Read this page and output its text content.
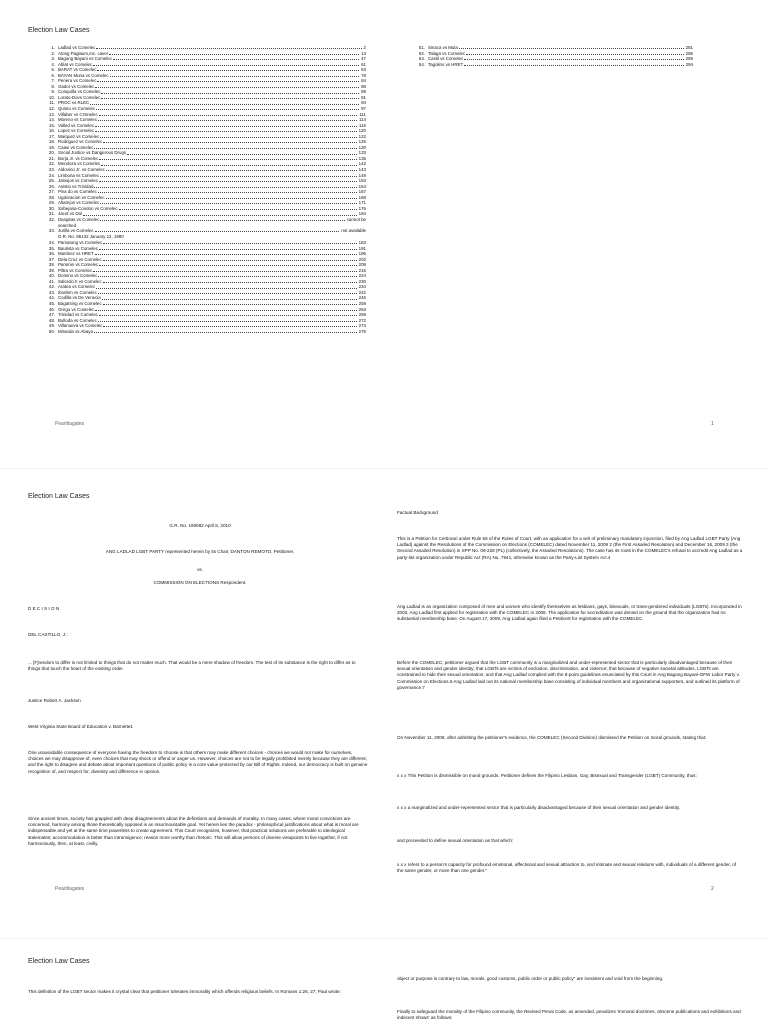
Election Law Cases
1. Ladlad vs Comelec	2
2. Atong Paglaum,Inc. caver	13
3. Bagong Bayani vs Comelec	47
4. Ablat vs Comelec	61
5. BARAT vs Comelec	63
6. BAYAN Muna vs Comelec	78
7. Penera vs Comelec	84
8. Gador vs Comelec	88
9. Conquilla vs Comelec	89
10. Lorato-Dovs Comelec	91
11. PROC vs RLEC	94
12. Quinto vs Comelec	97
13. Villaber vs COmelec	111
14. Moreno vs Comelec	114
15. Valled vs Comelec	116
16. Lopez vs Comelec	120
17. Marquez vs Comelec	122
18. Rodriguez vs Comelec	125
19. Caasi vs Comelec	130
20. Social Justice vs Dangerous Drugs	133
21. Borja Jr. vs Comelec	135
22. Mendoza vs Comelec	142
23. Aldovino Jr. vs Comelec	143
24. Limbona vs Comelec	149
25. Jalosjos vs Comelec	153
26. Asistio vs Trinidad	154
27. Piva do vs Comelec	157
28. Ugdoracion vs Comelec	168
29. Altarejos vs Comelec	171
30. Sobejana-Condon vs Comelec	176
31. Jacot vs Dal	184
32. Dangkas vs Comelec	cannot be
searched
33. Jurilla vs Comelec	not available
G.R. No. 85132 January 12, 1990
34. Pamatong vs Comelec	183
35. Bautista vs Comelec	191
36. Martinez vs HRET	195
37. Dela Cruz vs Comelec	202
38. Pammin vs Comelec	208
39. Piltra vs Comelec	216
40. Domino vs Comelec	224
41. Salcedo II vs Comelec	230
42. Aratea vs Comelec	234
43. Ibrahim vs Comelec	242
44. Codilla vs De Venecia	246
45. Bagatsing vs Comelec	259
46. Orego vs Comelec	263
47. Trinidad vs Comelec	269
48. Bulloda vs Comelec	272
49. Villanueva vs Comelec	274
50. Miranda vs Abaya	275
51. Sinaca vs Mula	281
52. Talaga vs Comelec	285
53. Castil vs Comelec	289
54. Tagolino vs HRET	294
Pearlitagates	1
Election Law Cases
G.R. No. 190582 April 8, 2010
ANG LADLAD LGBT PARTY represented herein by its Chair, DANTON REMOTO, Petitioner,
vs.
COMMISSION ON ELECTIONS Respondent.
D E C I S I O N
DEL CASTILLO, J.:
... [F]reedom to differ is not limited to things that do not matter much. That would be a mere shadow of freedom. The test of its substance is the right to differ as to things that touch the heart of the existing order.
Justice Robert A. Jackson
West Virginia State Board of Education v. Barnette1
One unavoidable consequence of everyone having the freedom to choose is that others may make different choices - choices we would not make for ourselves, choices we may disapprove of, even choices that may shock or offend or anger us. However, choices are not to be legally prohibited merely because they are different, and the right to disagree and debate about important questions of public policy is a core value protected by our Bill of Rights. Indeed, our democracy is built on genuine recognition of, and respect for, diversity and difference in opinion.
Since ancient times, society has grappled with deep disagreements about the definitions and demands of morality. In many cases, where moral convictions are concerned, harmony among those theoretically opposed is an insurmountable goal. Yet herein lies the paradox - philosophical justifications about what is moral are indispensable and yet at the same time powerless to create agreement. This Court recognizes, however, that practical solutions are preferable to ideological stalemates; accommodation is better than intransigence; reason more worthy than rhetoric. This will allow persons of diverse viewpoints to live together, if not harmoniously, then, at least, civilly.
Factual Background
This is a Petition for Certiorari under Rule 65 of the Rules of Court, with an application for a writ of preliminary mandatory injunction, filed by Ang Ladlad LGBT Party (Ang Ladlad) against the Resolutions of the Commission on Elections (COMELEC) dated November 11, 2009 2 (the First Assailed Resolution) and December 16, 2009 3 (the Second Assailed Resolution) in SPP No. 09-228 (PL) (collectively, the Assailed Resolutions). The case has its roots in the COMELEC's refusal to accredit Ang Ladlad as a party-list organization under Republic Act (RA) No. 7941, otherwise known as the Party-List System Act.4
Ang Ladlad is an organization composed of men and women who identify themselves as lesbians, gays, bisexuals, or trans-gendered individuals (LGBTs). Incorporated in 2003, Ang Ladlad first applied for registration with the COMELEC in 2006. The application for accreditation was denied on the ground that the organization had no substantial membership base. On August 17, 2009, Ang Ladlad again filed a Petition5 for registration with the COMELEC.
Before the COMELEC, petitioner argued that the LGBT community is a marginalized and under-represented sector that is particularly disadvantaged because of their sexual orientation and gender identity; that LGBTs are victims of exclusion, discrimination, and violence; that because of negative societal attitudes, LGBTs are constrained to hide their sexual orientation; and that Ang Ladlad complied with the 8-point guidelines enunciated by this Court in Ang Bagong Bayani-OFW Labor Party v. Commission on Elections.6 Ang Ladlad laid out its national membership base consisting of individual members and organizational supporters, and outlined its platform of governance.7
On November 11, 2009, after admitting the petitioner's evidence, the COMELEC (Second Division) dismissed the Petition on moral grounds, stating that:
x x x This Petition is dismissible on moral grounds. Petitioner defines the Filipino Lesbian, Gay, Bisexual and Transgender (LGBT) Community, thus:
x x x a marginalized and under-represented sector that is particularly disadvantaged because of their sexual orientation and gender identity.
and proceeded to define sexual orientation as that which:
x x x refers to a person's capacity for profound emotional, affectional and sexual attraction to, and intimate and sexual relations with, individuals of a different gender, of the same gender, or more than one gender."
Pearlitagates	2
Election Law Cases
This definition of the LGBT sector makes it crystal clear that petitioner tolerates immorality which offends religious beliefs. In Romans 1:26, 27, Paul wrote:
object or purpose is contrary to law, morals, good customs, public order or public policy" are inexistent and void from the beginning.
Finally to safeguard the morality of the Filipino community, the Revised Penal Code, as amended, penalizes 'Immoral doctrines, obscene publications and exhibitions and indecent shows' as follows:
